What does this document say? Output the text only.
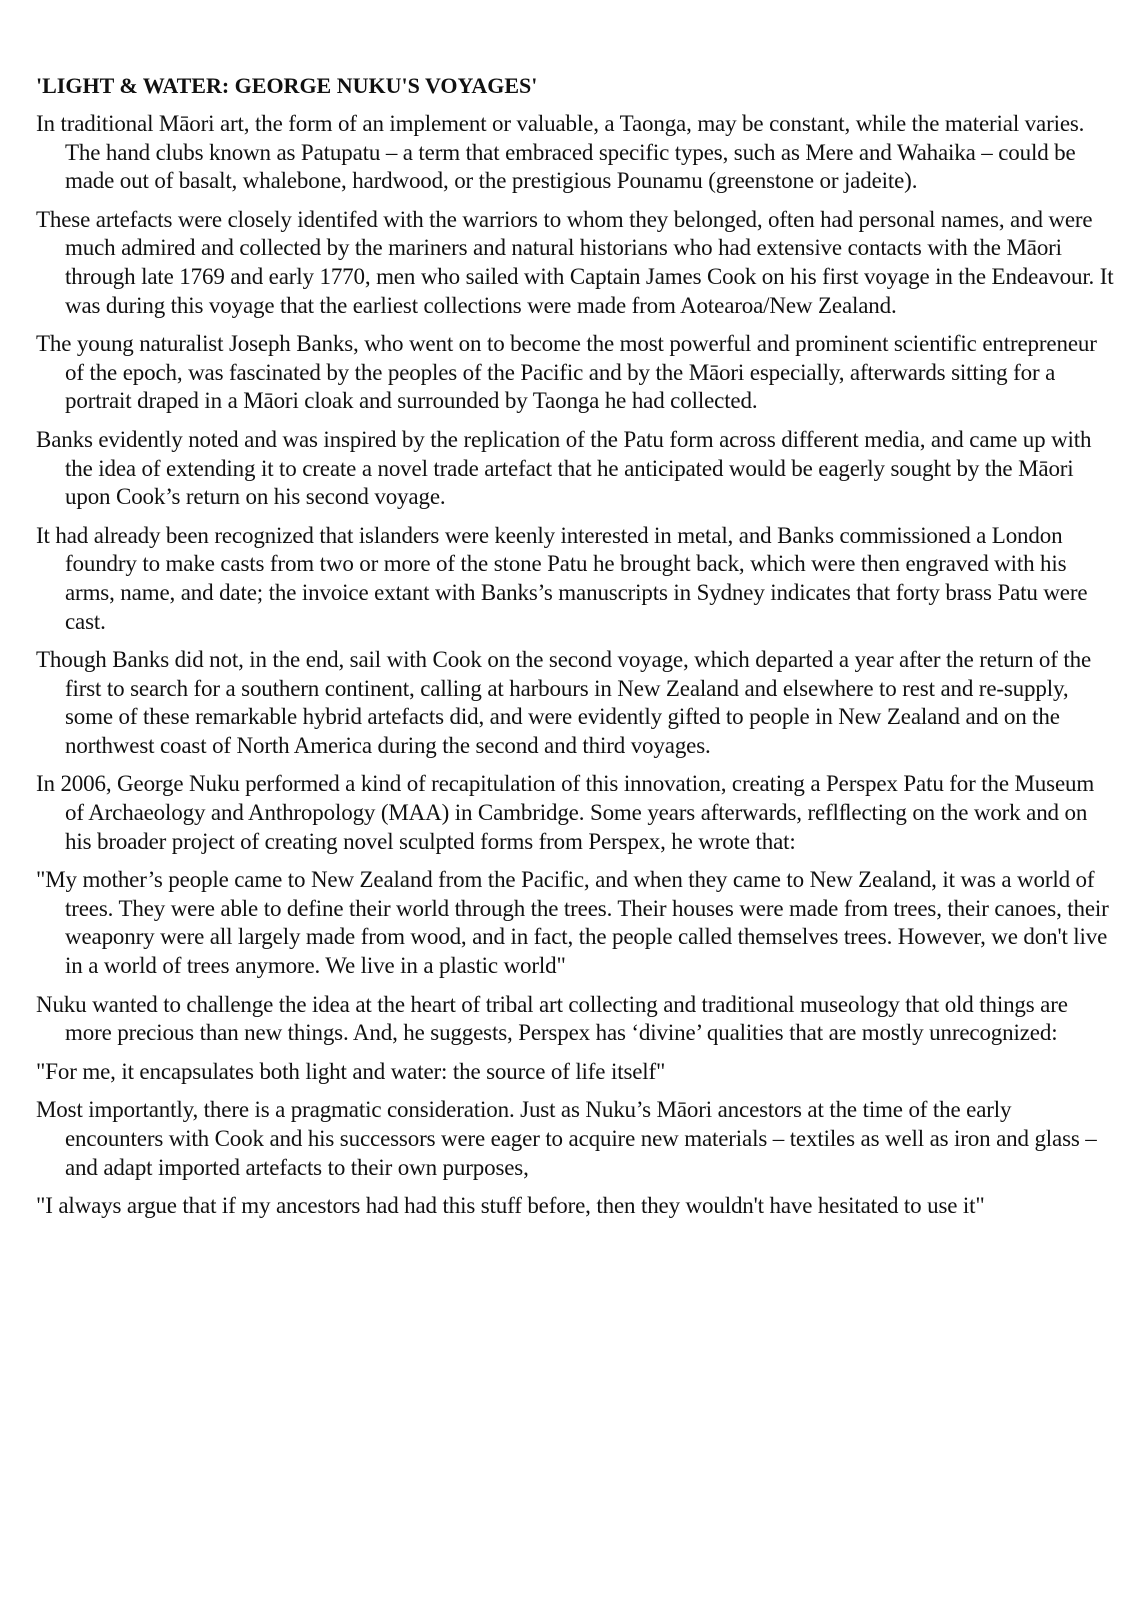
'LIGHT & WATER: GEORGE NUKU'S VOYAGES'

In traditional Māori art, the form of an implement or valuable, a Taonga, may be constant, while the material varies. The hand clubs known as Patupatu – a term that embraced specific types, such as Mere and Wahaika – could be made out of basalt, whalebone, hardwood, or the prestigious Pounamu (greenstone or jadeite).

These artefacts were closely identifed with the warriors to whom they belonged, often had personal names, and were much admired and collected by the mariners and natural historians who had extensive contacts with the Māori through late 1769 and early 1770, men who sailed with Captain James Cook on his first voyage in the Endeavour. It was during this voyage that the earliest collections were made from Aotearoa/New Zealand.

The young naturalist Joseph Banks, who went on to become the most powerful and prominent scientific entrepreneur of the epoch, was fascinated by the peoples of the Pacific and by the Māori especially, afterwards sitting for a portrait draped in a Māori cloak and surrounded by Taonga he had collected.

Banks evidently noted and was inspired by the replication of the Patu form across different media, and came up with the idea of extending it to create a novel trade artefact that he anticipated would be eagerly sought by the Māori upon Cook’s return on his second voyage.

It had already been recognized that islanders were keenly interested in metal, and Banks commissioned a London foundry to make casts from two or more of the stone Patu he brought back, which were then engraved with his arms, name, and date; the invoice extant with Banks’s manuscripts in Sydney indicates that forty brass Patu were cast.

Though Banks did not, in the end, sail with Cook on the second voyage, which departed a year after the return of the first to search for a southern continent, calling at harbours in New Zealand and elsewhere to rest and re-supply, some of these remarkable hybrid artefacts did, and were evidently gifted to people in New Zealand and on the northwest coast of North America during the second and third voyages.

In 2006, George Nuku performed a kind of recapitulation of this innovation, creating a Perspex Patu for the Museum of Archaeology and Anthropology (MAA) in Cambridge. Some years afterwards, reflﬂecting on the work and on his broader project of creating novel sculpted forms from Perspex, he wrote that:

"My mother’s people came to New Zealand from the Pacific, and when they came to New Zealand, it was a world of trees. They were able to define their world through the trees. Their houses were made from trees, their canoes, their weaponry were all largely made from wood, and in fact, the people called themselves trees. However, we don't live in a world of trees anymore. We live in a plastic world"

Nuku wanted to challenge the idea at the heart of tribal art collecting and traditional museology that old things are more precious than new things. And, he suggests, Perspex has ‘divine’ qualities that are mostly unrecognized:

"For me, it encapsulates both light and water: the source of life itself"

Most importantly, there is a pragmatic consideration. Just as Nuku’s Māori ancestors at the time of the early encounters with Cook and his successors were eager to acquire new materials – textiles as well as iron and glass – and adapt imported artefacts to their own purposes,

"I always argue that if my ancestors had had this stuff before, then they wouldn't have hesitated to use it"
